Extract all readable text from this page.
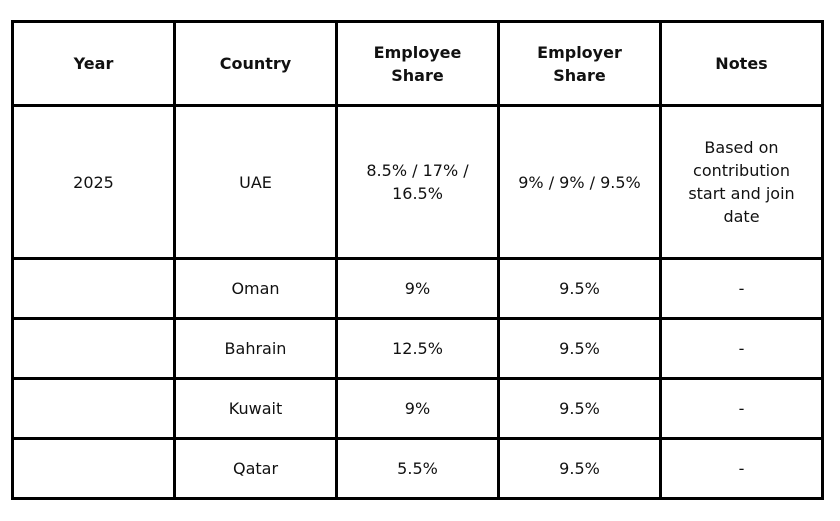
Year	Country	Employee Share	Employer Share	Notes
2025	UAE	8.5% / 17% / 16.5%	9% / 9% / 9.5%	Based on contribution start and join date
	Oman	9%	9.5%	-
	Bahrain	12.5%	9.5%	-
	Kuwait	9%	9.5%	-
	Qatar	5.5%	9.5%	-
